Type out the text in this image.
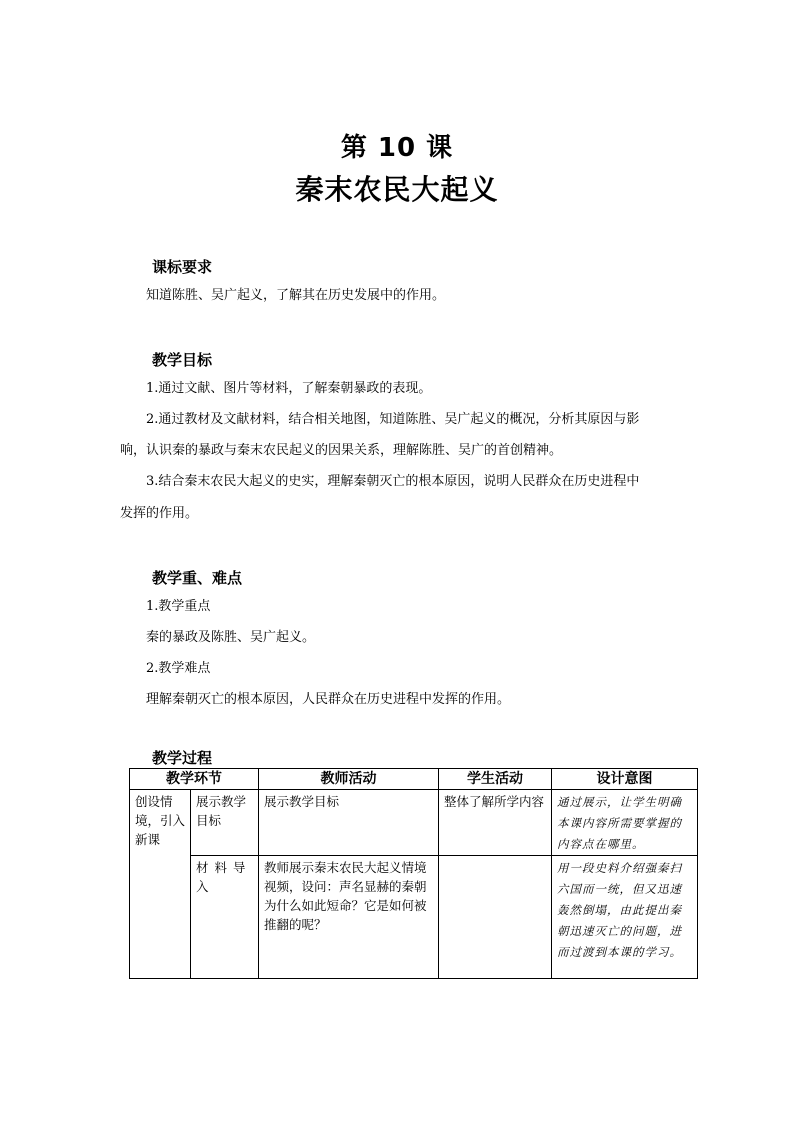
第 10 课
秦末农民大起义
课标要求
知道陈胜、吴广起义，了解其在历史发展中的作用。
教学目标
1.通过文献、图片等材料，了解秦朝暴政的表现。
2.通过教材及文献材料，结合相关地图，知道陈胜、吴广起义的概况，分析其原因与影
响，认识秦的暴政与秦末农民起义的因果关系，理解陈胜、吴广的首创精神。
3.结合秦末农民大起义的史实，理解秦朝灭亡的根本原因，说明人民群众在历史进程中
发挥的作用。
教学重、难点
1.教学重点
秦的暴政及陈胜、吴广起义。
2.教学难点
理解秦朝灭亡的根本原因，人民群众在历史进程中发挥的作用。
教学过程
教学环节		教师活动	学生活动	设计意图

创设情境，引入新课	展示教学目标	展示教学目标	整体了解所学内容	通过展示，让学生明确本课内容所需要掌握的内容点在哪里。

	材料导入	教师展示秦末农民大起义情境视频，设问：声名显赫的秦朝为什么如此短命？它是如何被推翻的呢？		用一段史料介绍强秦扫六国而一统，但又迅速轰然倒塌，由此提出秦朝迅速灭亡的问题，进而过渡到本课的学习。
